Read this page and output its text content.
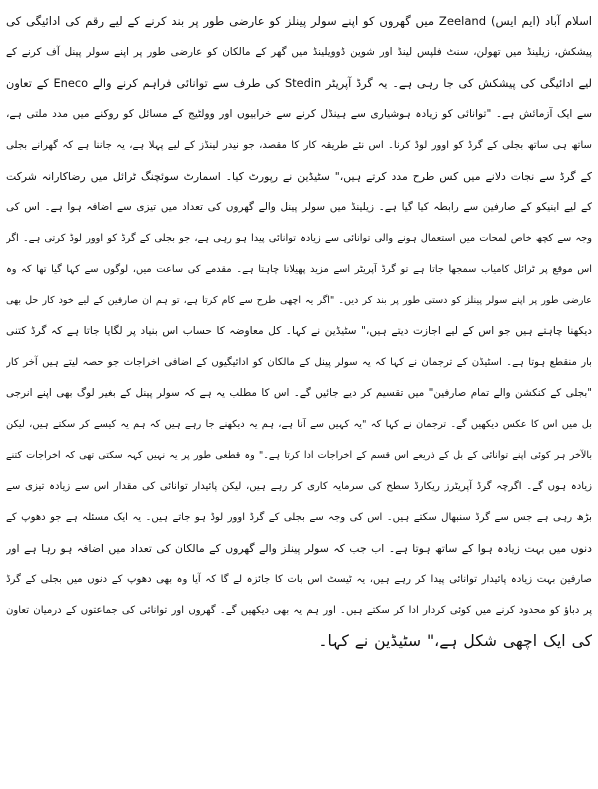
اسلام آباد (ایم ایس) Zeeland میں گھروں کو اپنے سولر پینلز کو عارضی طور پر بند کرنے کے لیے رقم کی ادائیگی کی
پیشکش، زیلینڈ میں تھولن، سنٹ فلپس لینڈ اور شوین ڈوویلینڈ میں گھر کے مالکان کو عارضی طور پر اپنے سولر پینل آف کرنے کے
لیے ادائیگی کی پیشکش کی جا رہی ہے۔ یہ گرڈ آپریٹر Stedin کی طرف سے توانائی فراہم کرنے والے Eneco کے تعاون
سے ایک آزمائش ہے۔ "توانائی کو زیادہ ہوشیاری سے ہینڈل کرنے سے خرابیوں اور وولٹیج کے مسائل کو روکنے میں مدد ملتی ہے،
ساتھ ہی ساتھ بجلی کے گرڈ کو اوور لوڈ کرنا۔ اس نئے طریقہ کار کا مقصد، جو نیدر لینڈز کے لیے پہلا ہے، یہ جاننا ہے کہ گھرانے بجلی
کے گرڈ سے نجات دلانے میں کس طرح مدد کرتے ہیں،" سٹیڈین نے رپورٹ کیا۔ اسمارٹ سوئچنگ ٹرائل میں رضاکارانہ شرکت
کے لیے اینیکو کے صارفین سے رابطہ کیا گیا ہے۔ زیلینڈ میں سولر پینل والے گھروں کی تعداد میں تیزی سے اضافہ ہوا ہے۔ اس کی
وجہ سے کچھ خاص لمحات میں استعمال ہونے والی توانائی سے زیادہ توانائی پیدا ہو رہی ہے، جو بجلی کے گرڈ کو اوور لوڈ کرتی ہے۔ اگر
اس موقع پر ٹرائل کامیاب سمجھا جاتا ہے تو گرڈ آپریٹر اسے مزید پھیلانا چاہتا ہے۔ مقدمے کی ساعت میں، لوگوں سے کہا گیا تھا کہ وہ
عارضی طور پر اپنے سولر پینلز کو دستی طور پر بند کر دیں۔ "اگر یہ اچھی طرح سے کام کرتا ہے، تو ہم ان صارفین کے لیے خود کار حل بھی
دیکھنا چاہتے ہیں جو اس کے لیے اجازت دیتے ہیں،" سٹیڈین نے کہا۔ کل معاوضہ کا حساب اس بنیاد پر لگایا جاتا ہے کہ گرڈ کتنی
بار منقطع ہوتا ہے۔ اسٹیڈن کے ترجمان نے کہا کہ یہ سولر پینل کے مالکان کو ادائیگیوں کے اضافی اخراجات جو حصہ لیتے ہیں آخر کار
"بجلی کے کنکشن والے تمام صارفین" میں تقسیم کر دیے جائیں گے۔ اس کا مطلب یہ ہے کہ سولر پینل کے بغیر لوگ بھی اپنے انرجی
بل میں اس کا عکس دیکھیں گے۔ ترجمان نے کہا کہ "یہ کہیں سے آنا ہے، ہم یہ دیکھنے جا رہے ہیں کہ ہم یہ کیسے کر سکتے ہیں، لیکن
بالآخر ہر کوئی اپنے توانائی کے بل کے ذریعے اس قسم کے اخراجات ادا کرتا ہے۔" وہ قطعی طور پر یہ نہیں کہہ سکتی تھی کہ اخراجات کتنے
زیادہ ہوں گے۔ اگرچہ گرڈ آپریٹرز ریکارڈ سطح کی سرمایہ کاری کر رہے ہیں، لیکن پائیدار توانائی کی مقدار اس سے زیادہ تیزی سے
بڑھ رہی ہے جس سے گرڈ سنبھال سکتے ہیں۔ اس کی وجہ سے بجلی کے گرڈ اوور لوڈ ہو جاتے ہیں۔ یہ ایک مسئلہ ہے جو دھوپ کے
دنوں میں بہت زیادہ ہوا کے ساتھ ہوتا ہے۔ اب جب کہ سولر پینلز والے گھروں کے مالکان کی تعداد میں اضافہ ہو رہا ہے اور
صارفین بہت زیادہ پائیدار توانائی پیدا کر رہے ہیں، یہ ٹیسٹ اس بات کا جائزہ لے گا کہ آیا وہ بھی دھوپ کے دنوں میں بجلی کے گرڈ
پر دباؤ کو محدود کرنے میں کوئی کردار ادا کر سکتے ہیں۔ اور ہم یہ بھی دیکھیں گے۔ گھروں اور توانائی کی جماعتوں کے درمیان تعاون
کی ایک اچھی شکل ہے،" سٹیڈین نے کہا۔
